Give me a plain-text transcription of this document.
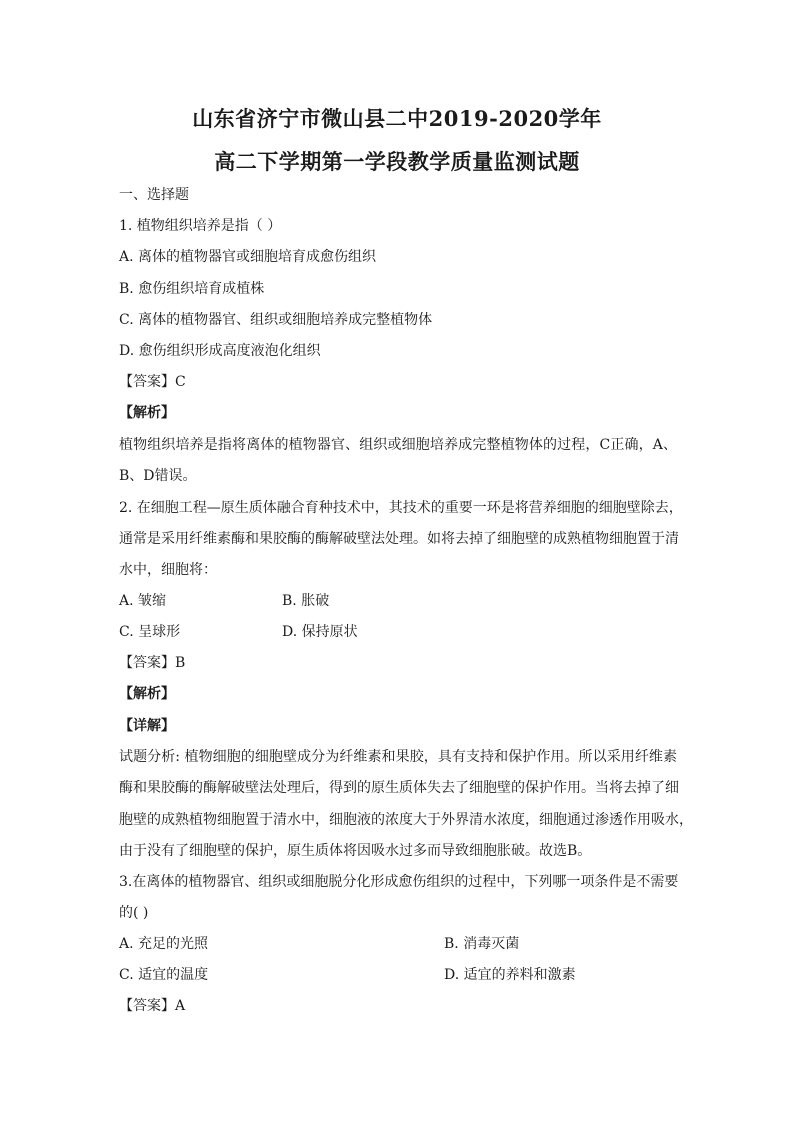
山东省济宁市微山县二中2019-2020学年
高二下学期第一学段教学质量监测试题
一、选择题
1. 植物组织培养是指（ ）
A. 离体的植物器官或细胞培育成愈伤组织
B. 愈伤组织培育成植株
C. 离体的植物器官、组织或细胞培养成完整植物体
D. 愈伤组织形成高度液泡化组织
【答案】C
【解析】
植物组织培养是指将离体的植物器官、组织或细胞培养成完整植物体的过程，C正确，A、
B、D错误。
2. 在细胞工程—原生质体融合育种技术中，其技术的重要一环是将营养细胞的细胞壁除去，
通常是采用纤维素酶和果胶酶的酶解破壁法处理。如将去掉了细胞壁的成熟植物细胞置于清
水中，细胞将：
A. 皱缩	B. 胀破
C. 呈球形	D. 保持原状
【答案】B
【解析】
【详解】
试题分析: 植物细胞的细胞壁成分为纤维素和果胶，具有支持和保护作用。所以采用纤维素
酶和果胶酶的酶解破壁法处理后，得到的原生质体失去了细胞壁的保护作用。当将去掉了细
胞壁的成熟植物细胞置于清水中，细胞液的浓度大于外界清水浓度，细胞通过渗透作用吸水，
由于没有了细胞壁的保护，原生质体将因吸水过多而导致细胞胀破。故选B。
3.在离体的植物器官、组织或细胞脱分化形成愈伤组织的过程中，下列哪一项条件是不需要
的( )
A. 充足的光照	B. 消毒灭菌
C. 适宜的温度	D. 适宜的养料和激素
【答案】A
